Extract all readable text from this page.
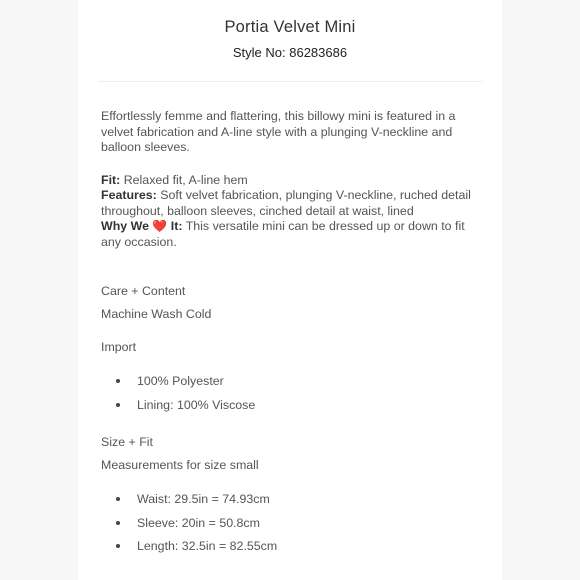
Portia Velvet Mini
Style No: 86283686

Effortlessly femme and flattering, this billowy mini is featured in a velvet fabrication and A-line style with a plunging V-neckline and balloon sleeves.

Fit: Relaxed fit, A-line hem

Features: Soft velvet fabrication, plunging V-neckline, ruched detail throughout, balloon sleeves, cinched detail at waist, lined

Why We ❤️ It: This versatile mini can be dressed up or down to fit any occasion.

Care + Content
Machine Wash Cold
Import
100% Polyester
Lining: 100% Viscose
Size + Fit
Measurements for size small
Waist: 29.5in = 74.93cm
Sleeve: 20in = 50.8cm
Length: 32.5in = 82.55cm
